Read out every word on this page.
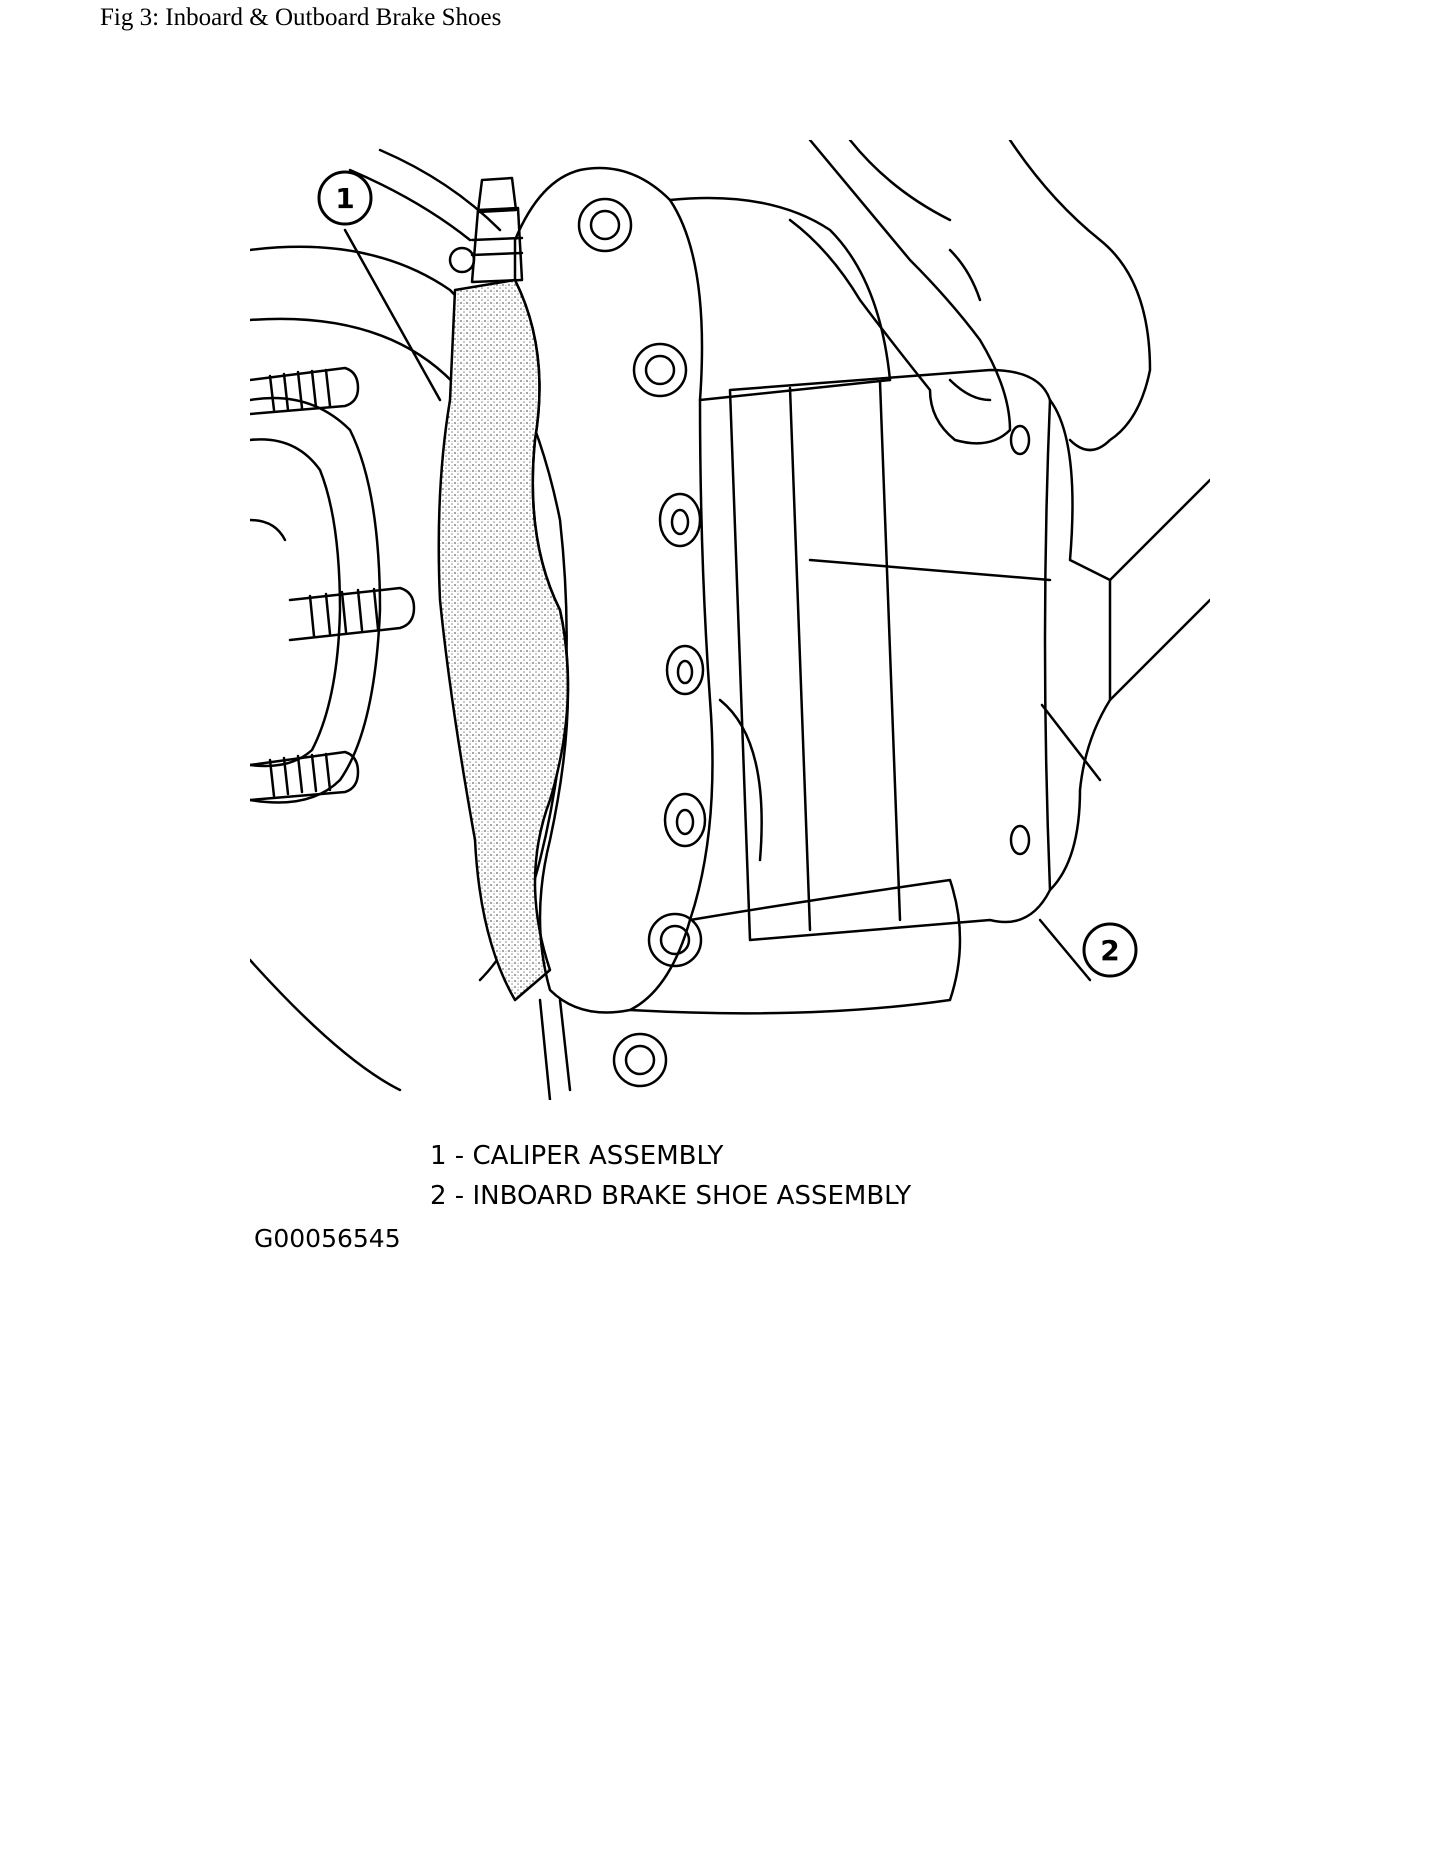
Fig 3: Inboard & Outboard Brake Shoes
1
2
1 - CALIPER ASSEMBLY
2 - INBOARD BRAKE SHOE ASSEMBLY
G00056545
